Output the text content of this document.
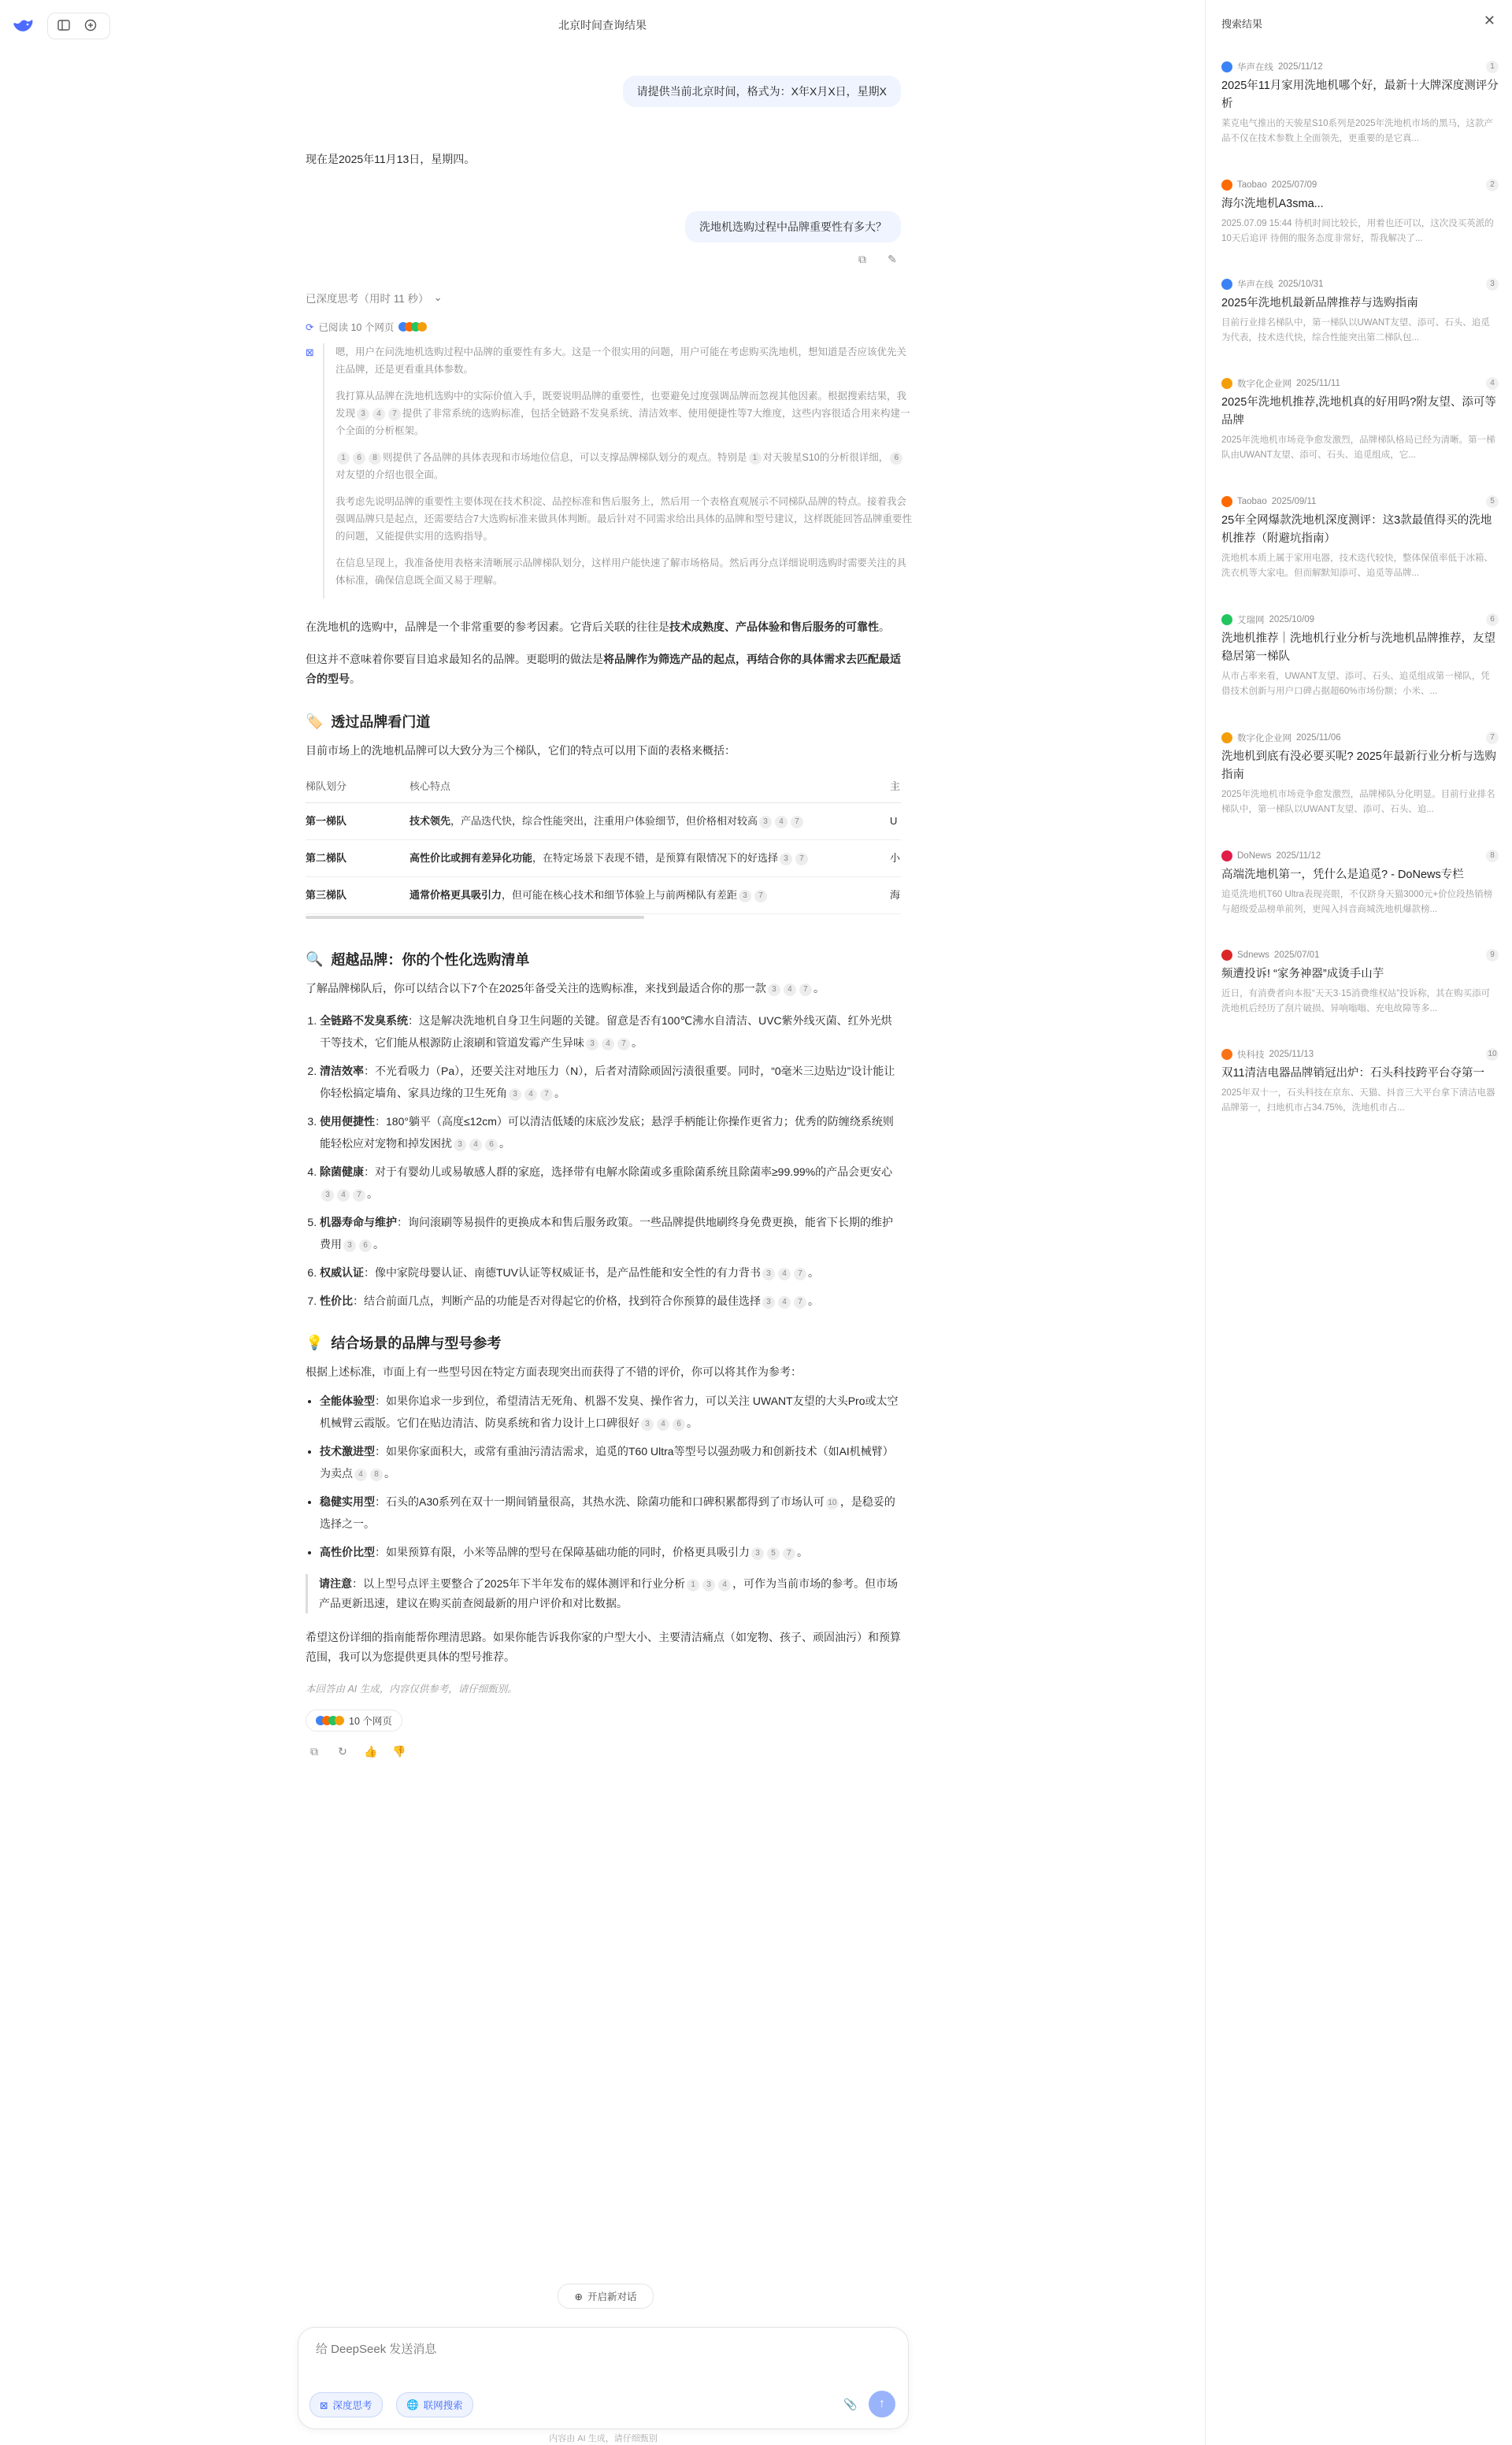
北京时间查询结果
请提供当前北京时间，格式为：X年X月X日，星期X

现在是2025年11月13日，星期四。

洗地机选购过程中品牌重要性有多大？
⧉	✎
已深度思考（用时 11 秒） ⌄
⟳ 已阅读 10 个网页
⊠ 嗯，用户在问洗地机选购过程中品牌的重要性有多大。这是一个很实用的问题，用户可能在考虑购买洗地机，想知道是否应该优先关注品牌，还是更看重具体参数。

我打算从品牌在洗地机选购中的实际价值入手，既要说明品牌的重要性，也要避免过度强调品牌而忽视其他因素。根据搜索结果，我发现 3 4 7 提供了非常系统的选购标准，包括全链路不发臭系统、清洁效率、使用便捷性等7大维度，这些内容很适合用来构建一个全面的分析框架。

1 6 8 则提供了各品牌的具体表现和市场地位信息，可以支撑品牌梯队划分的观点。特别是 1 对天骏星S10的分析很详细， 6对友望的介绍也很全面。

我考虑先说明品牌的重要性主要体现在技术积淀、品控标准和售后服务上，然后用一个表格直观展示不同梯队品牌的特点。接着我会强调品牌只是起点，还需要结合7大选购标准来做具体判断。最后针对不同需求给出具体的品牌和型号建议，这样既能回答品牌重要性的问题，又能提供实用的选购指导。

在信息呈现上，我准备使用表格来清晰展示品牌梯队划分，这样用户能快速了解市场格局。然后再分点详细说明选购时需要关注的具体标准，确保信息既全面又易于理解。

在洗地机的选购中，品牌是一个非常重要的参考因素。它背后关联的往往是技术成熟度、产品体验和售后服务的可靠性。

但这并不意味着你要盲目追求最知名的品牌。更聪明的做法是将品牌作为筛选产品的起点，再结合你的具体需求去匹配最适合的型号。

🏷️ 透过品牌看门道

目前市场上的洗地机品牌可以大致分为三个梯队，它们的特点可以用下面的表格来概括：

梯队划分	核心特点	主
第一梯队	技术领先，产品迭代快，综合性能突出，注重用户体验细节，但价格相对较高 3 4 7	U
第二梯队	高性价比或拥有差异化功能，在特定场景下表现不错，是预算有限情况下的好选择 3 7	小
第三梯队	通常价格更具吸引力，但可能在核心技术和细节体验上与前两梯队有差距 3 7	海
🔍 超越品牌：你的个性化选购清单

了解品牌梯队后，你可以结合以下7个在2025年备受关注的选购标准，来找到最适合你的那一款 3 4 7 。

1. 全链路不发臭系统：这是解决洗地机自身卫生问题的关键。留意是否有100℃沸水自清洁、UVC紫外线灭菌、红外光烘干等技术，它们能从根源防止滚刷和管道发霉产生异味 3 4 7 。
2. 清洁效率：不光看吸力（Pa），还要关注对地压力（N），后者对清除顽固污渍很重要。同时，“0毫米三边贴边”设计能让你轻松搞定墙角、家具边缘的卫生死角 3 4 7 。
3. 使用便捷性：180°躺平（高度≤12cm）可以清洁低矮的床底沙发底；悬浮手柄能让你操作更省力；优秀的防缠绕系统则能轻松应对宠物和掉发困扰 3 4 6 。
4. 除菌健康：对于有婴幼儿或易敏感人群的家庭，选择带有电解水除菌或多重除菌系统且除菌率≥99.99%的产品会更安心3 4 7 。
5. 机器寿命与维护：询问滚刷等易损件的更换成本和售后服务政策。一些品牌提供地刷终身免费更换，能省下长期的维护费用 3 6 。
6. 权威认证：像中家院母婴认证、南德TUV认证等权威证书，是产品性能和安全性的有力背书 3 4 7 。
7. 性价比：结合前面几点，判断产品的功能是否对得起它的价格，找到符合你预算的最佳选择 3 4 7 。
💡 结合场景的品牌与型号参考

根据上述标准，市面上有一些型号因在特定方面表现突出而获得了不错的评价，你可以将其作为参考：

• 全能体验型：如果你追求一步到位，希望清洁无死角、机器不发臭、操作省力，可以关注 UWANT友望的大头Pro或太空机械臂云霞版。它们在贴边清洁、防臭系统和省力设计上口碑很好 3 4 6 。
• 技术激进型：如果你家面积大，或常有重油污清洁需求，追觅的T60 Ultra等型号以强劲吸力和创新技术（如AI机械臂）为卖点 4 8 。
• 稳健实用型：石头的A30系列在双十一期间销量很高，其热水洗、除菌功能和口碑积累都得到了市场认可 10 ，是稳妥的选择之一。
• 高性价比型：如果预算有限，小米等品牌的型号在保障基础功能的同时，价格更具吸引力 3 5 7 。

请注意：以上型号点评主要整合了2025年下半年发布的媒体测评和行业分析 1 3 4 ，可作为当前市场的参考。但市场产品更新迅速，建议在购买前查阅最新的用户评价和对比数据。

希望这份详细的指南能帮你理清思路。如果你能告诉我你家的户型大小、主要清洁痛点（如宠物、孩子、顽固油污）和预算范围，我可以为您提供更具体的型号推荐。

本回答由 AI 生成，内容仅供参考，请仔细甄别。

10 个网页
⧉	↻	👍 👎
⊕ 开启新对话
给 DeepSeek 发送消息
⊠ 深度思考	🌐 联网搜索	📎 ↑
内容由 AI 生成，请仔细甄别
搜索结果	✕
华声在线 2025/11/12	1
2025年11月家用洗地机哪个好，最新十大牌深度测评分析
莱克电气推出的天骏星S10系列是2025年洗地机市场的黑马，这款产品不仅在技术参数上全面领先，更重要的是它真...
Taobao 2025/07/09	2
海尔洗地机A3sma...
2025.07.09 15:44 待机时间比较长，用着也还可以，这次没买英派的 10天后追评 待佣的服务态度非常好，帮我解决了...
华声在线 2025/10/31	3
2025年洗地机最新品牌推荐与选购指南
目前行业排名梯队中，第一梯队以UWANT友望、添可、石头、追觅为代表，技术迭代快，综合性能突出第二梯队包...
数字化企业网 2025/11/11	4
2025年洗地机推荐,洗地机真的好用吗?附友望、添可等品牌
2025年洗地机市场竞争愈发激烈，品牌梯队格局已经为清晰。第一梯队由UWANT友望、添可、石头、追觅组成，它...
Taobao 2025/09/11	5
25年全网爆款洗地机深度测评：这3款最值得买的洗地机推荐（附避坑指南）
洗地机本质上属于家用电器，技术迭代较快，整体保值率低于冰箱、洗衣机等大家电。但而解默知添可、追觅等品牌...
艾瑞网 2025/10/09	6
洗地机推荐｜洗地机行业分析与洗地机品牌推荐，友望稳居第一梯队
从市占率来看，UWANT友望、添可、石头、追觅组成第一梯队，凭借技术创新与用户口碑占据超60%市场份额；小米、...
数字化企业网 2025/11/06	7
洗地机到底有没必要买呢? 2025年最新行业分析与选购指南
2025年洗地机市场竞争愈发激烈，品牌梯队分化明显。目前行业排名梯队中，第一梯队以UWANT友望、添可、石头、追...
DoNews 2025/11/12	8
高端洗地机第一，凭什么是追觅? - DoNews专栏
追觅洗地机T60 Ultra表现亮眼，不仅跻身天猫3000元+价位段热销榜与超级爱品榜单前列，更闯入抖音商城洗地机爆款榜...
Sdnews 2025/07/01	9
频遭投诉! “家务神器”成烫手山芋
近日，有消费者向本报“天天3·15消费维权站”投诉称，其在购买添可洗地机后经历了刮片破损、异响嗡嗡、充电故障等多...
快科技 2025/11/13	10
双11清洁电器品牌销冠出炉：石头科技跨平台夺第一
2025年双十一，石头科技在京东、天猫、抖音三大平台拿下清洁电器品牌第一，扫地机市占34.75%，洗地机市占...
